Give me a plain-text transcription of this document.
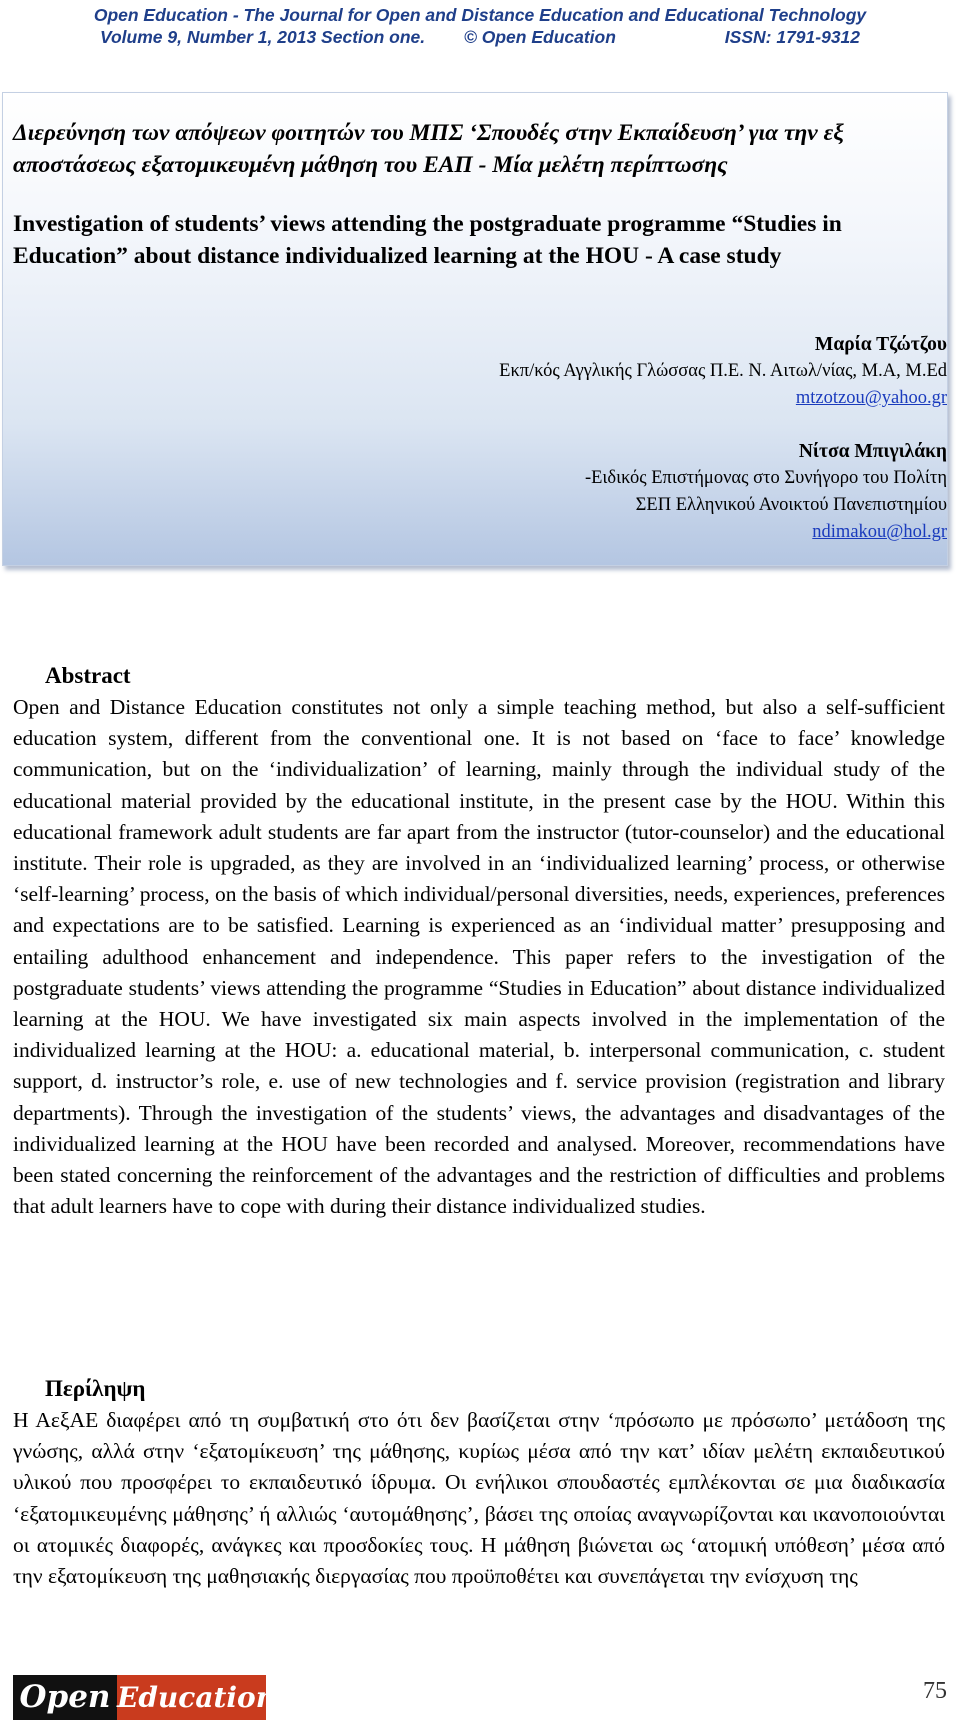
Open Education - The Journal for Open and Distance Education and Educational Technology
Volume 9, Number 1, 2013 Section one. © Open Education	ISSN: 1791-9312
Διερεύνηση των απόψεων φοιτητών του ΜΠΣ ‘Σπουδές στην Εκπαίδευση’ για την εξ αποστάσεως εξατομικευμένη μάθηση του ΕΑΠ - Μία μελέτη περίπτωσης
Investigation of students’ views attending the postgraduate programme “Studies in Education” about distance individualized learning at the HOU - A case study
Μαρία Τζώτζου
Εκπ/κός Αγγλικής Γλώσσας Π.Ε. Ν. Αιτωλ/νίας, M.A, M.Ed
mtzotzou@yahoo.gr
Νίτσα Μπιγιλάκη
-Ειδικός Επιστήμονας στο Συνήγορο του Πολίτη
ΣΕΠ Ελληνικού Ανοικτού Πανεπιστημίου
ndimakou@hol.gr
Abstract
Open and Distance Education constitutes not only a simple teaching method, but also a self-sufficient education system, different from the conventional one. It is not based on ‘face to face’ knowledge communication, but on the ‘individualization’ of learning, mainly through the individual study of the educational material provided by the educational institute, in the present case by the HOU. Within this educational framework adult students are far apart from the instructor (tutor-counselor) and the educational institute. Their role is upgraded, as they are involved in an ‘individualized learning’ process, or otherwise ‘self-learning’ process, on the basis of which individual/personal diversities, needs, experiences, preferences and expectations are to be satisfied. Learning is experienced as an ‘individual matter’ presupposing and entailing adulthood enhancement and independence. This paper refers to the investigation of the postgraduate students’ views attending the programme “Studies in Education” about distance individualized learning at the HOU. We have investigated six main aspects involved in the implementation of the individualized learning at the HOU: a. educational material, b. interpersonal communication, c. student support, d. instructor’s role, e. use of new technologies and f. service provision (registration and library departments). Through the investigation of the students’ views, the advantages and disadvantages of the individualized learning at the HOU have been recorded and analysed. Moreover, recommendations have been stated concerning the reinforcement of the advantages and the restriction of difficulties and problems that adult learners have to cope with during their distance individualized studies.
Περίληψη
Η ΑεξΑΕ διαφέρει από τη συμβατική στο ότι δεν βασίζεται στην ‘πρόσωπο με πρόσωπο’ μετάδοση της γνώσης, αλλά στην ‘εξατομίκευση’ της μάθησης, κυρίως μέσα από την κατ’ ιδίαν μελέτη εκπαιδευτικού υλικού που προσφέρει το εκπαιδευτικό ίδρυμα. Οι ενήλικοι σπουδαστές εμπλέκονται σε μια διαδικασία ‘εξατομικευμένης μάθησης’ ή αλλιώς ‘αυτομάθησης’, βάσει της οποίας αναγνωρίζονται και ικανοποιούνται οι ατομικές διαφορές, ανάγκες και προσδοκίες τους. Η μάθηση βιώνεται ως ‘ατομική υπόθεση’ μέσα από την εξατομίκευση της μαθησιακής διεργασίας που προϋποθέτει και συνεπάγεται την ενίσχυση της
Open Education	75
